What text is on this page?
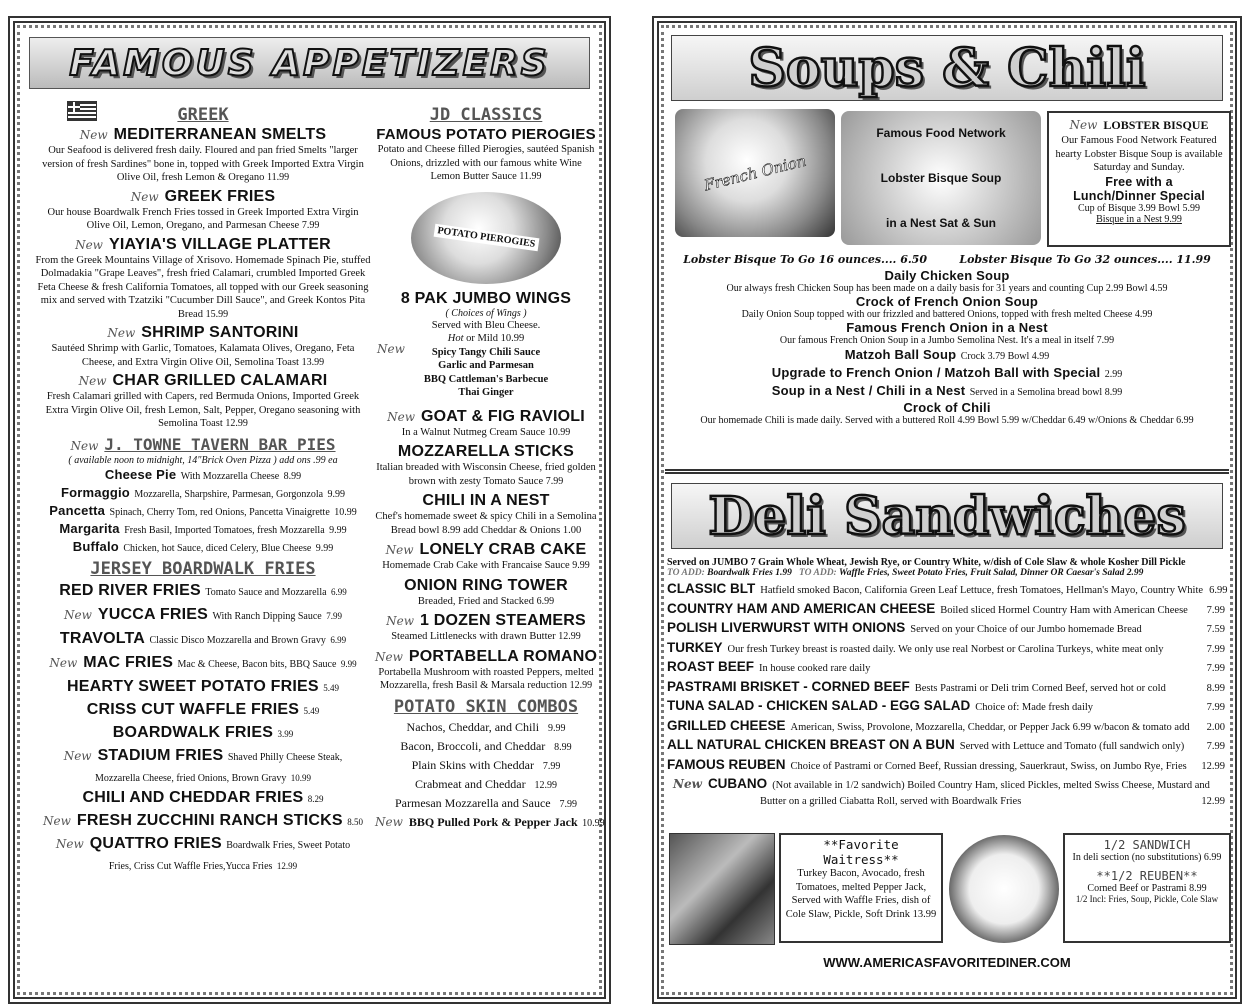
FAMOUS APPETIZERS
GREEK
New MEDITERRANEAN SMELTS
Our Seafood is delivered fresh daily. Floured and pan fried Smelts "larger version of fresh Sardines" bone in, topped with Greek Imported Extra Virgin Olive Oil, fresh Lemon & Oregano 11.99
New GREEK FRIES
Our house Boardwalk French Fries tossed in Greek Imported Extra Virgin Olive Oil, Lemon, Oregano, and Parmesan Cheese 7.99
New YIAYIA'S VILLAGE PLATTER
From the Greek Mountains Village of Xrisovo. Homemade Spinach Pie, stuffed Dolmadakia "Grape Leaves", fresh fried Calamari, crumbled Imported Greek Feta Cheese & fresh California Tomatoes, all topped with our Greek seasoning mix and served with Tzatziki "Cucumber Dill Sauce", and Greek Kontos Pita Bread 15.99
New SHRIMP SANTORINI
Sautéed Shrimp with Garlic, Tomatoes, Kalamata Olives, Oregano, Feta Cheese, and Extra Virgin Olive Oil, Semolina Toast 13.99
New CHAR GRILLED CALAMARI
Fresh Calamari grilled with Capers, red Bermuda Onions, Imported Greek Extra Virgin Olive Oil, fresh Lemon, Salt, Pepper, Oregano seasoning with Semolina Toast 12.99
New J. TOWNE TAVERN BAR PIES
( available noon to midnight, 14"Brick Oven Pizza ) add ons .99 ea
Cheese Pie With Mozzarella Cheese 8.99
Formaggio Mozzarella, Sharpshire, Parmesan, Gorgonzola 9.99
Pancetta Spinach, Cherry Tom, red Onions, Pancetta Vinaigrette 10.99
Margarita Fresh Basil, Imported Tomatoes, fresh Mozzarella 9.99
Buffalo Chicken, hot Sauce, diced Celery, Blue Cheese 9.99
JERSEY BOARDWALK FRIES
RED RIVER FRIES Tomato Sauce and Mozzarella 6.99
New YUCCA FRIES With Ranch Dipping Sauce 7.99
TRAVOLTA Classic Disco Mozzarella and Brown Gravy 6.99
New MAC FRIES Mac & Cheese, Bacon bits, BBQ Sauce 9.99
HEARTY SWEET POTATO FRIES 5.49
CRISS CUT WAFFLE FRIES 5.49
BOARDWALK FRIES 3.99
New STADIUM FRIES Shaved Philly Cheese Steak,
Mozzarella Cheese, fried Onions, Brown Gravy 10.99
CHILI AND CHEDDAR FRIES 8.29
New FRESH ZUCCHINI RANCH STICKS 8.50
New QUATTRO FRIES Boardwalk Fries, Sweet Potato
Fries, Criss Cut Waffle Fries,Yucca Fries 12.99
JD CLASSICS
FAMOUS POTATO PIEROGIES
Potato and Cheese filled Pierogies, sautéed Spanish Onions, drizzled with our famous white Wine Lemon Butter Sauce 11.99
POTATO PIEROGIES
8 PAK JUMBO WINGS
( Choices of Wings )
Served with Bleu Cheese.
Hot or Mild 10.99
New	Spicy Tangy Chili Sauce
Garlic and Parmesan
BBQ Cattleman's Barbecue
Thai Ginger
New GOAT & FIG RAVIOLI
In a Walnut Nutmeg Cream Sauce 10.99
MOZZARELLA STICKS
Italian breaded with Wisconsin Cheese, fried golden brown with zesty Tomato Sauce 7.99
CHILI IN A NEST
Chef's homemade sweet & spicy Chili in a Semolina Bread bowl 8.99 add Cheddar & Onions 1.00
New LONELY CRAB CAKE
Homemade Crab Cake with Francaise Sauce 9.99
ONION RING TOWER
Breaded, Fried and Stacked 6.99
New 1 DOZEN STEAMERS
Steamed Littlenecks with drawn Butter 12.99
New PORTABELLA ROMANO
Portabella Mushroom with roasted Peppers, melted Mozzarella, fresh Basil & Marsala reduction 12.99
POTATO SKIN COMBOS
Nachos, Cheddar, and Chili 9.99
Bacon, Broccoli, and Cheddar 8.99
Plain Skins with Cheddar 7.99
Crabmeat and Cheddar 12.99
Parmesan Mozzarella and Sauce 7.99
New BBQ Pulled Pork & Pepper Jack 10.99
Soups & Chili
French Onion
Famous Food Network
Lobster Bisque Soup
in a Nest Sat & Sun
New LOBSTER BISQUE
Our Famous Food Network Featured hearty Lobster Bisque Soup is available Saturday and Sunday.
Free with a
Lunch/Dinner Special
Cup of Bisque 3.99 Bowl 5.99
Bisque in a Nest 9.99
Lobster Bisque To Go 16 ounces.... 6.50	Lobster Bisque To Go 32 ounces.... 11.99
Daily Chicken Soup
Our always fresh Chicken Soup has been made on a daily basis for 31 years and counting Cup 2.99 Bowl 4.59
Crock of French Onion Soup
Daily Onion Soup topped with our frizzled and battered Onions, topped with fresh melted Cheese 4.99
Famous French Onion in a Nest
Our famous French Onion Soup in a Jumbo Semolina Nest. It's a meal in itself 7.99
Matzoh Ball Soup Crock 3.79 Bowl 4.99
Upgrade to French Onion / Matzoh Ball with Special 2.99
Soup in a Nest / Chili in a Nest Served in a Semolina bread bowl 8.99
Crock of Chili
Our homemade Chili is made daily. Served with a buttered Roll 4.99 Bowl 5.99 w/Cheddar 6.49 w/Onions & Cheddar 6.99
Deli Sandwiches
Served on JUMBO 7 Grain Whole Wheat, Jewish Rye, or Country White, w/dish of Cole Slaw & whole Kosher Dill Pickle
TO ADD: Boardwalk Fries 1.99 TO ADD: Waffle Fries, Sweet Potato Fries, Fruit Salad, Dinner OR Caesar's Salad 2.99
CLASSIC BLT Hatfield smoked Bacon, California Green Leaf Lettuce, fresh Tomatoes, Hellman's Mayo, Country White 6.99
COUNTRY HAM AND AMERICAN CHEESE Boiled sliced Hormel Country Ham with American Cheese	7.99
POLISH LIVERWURST WITH ONIONS Served on your Choice of our Jumbo homemade Bread	7.59
TURKEY Our fresh Turkey breast is roasted daily. We only use real Norbest or Carolina Turkeys, white meat only	7.99
ROAST BEEF In house cooked rare daily	7.99
PASTRAMI BRISKET - CORNED BEEF Bests Pastrami or Deli trim Corned Beef, served hot or cold	8.99
TUNA SALAD - CHICKEN SALAD - EGG SALAD Choice of: Made fresh daily	7.99
GRILLED CHEESE American, Swiss, Provolone, Mozzarella, Cheddar, or Pepper Jack 6.99 w/bacon & tomato add	2.00
ALL NATURAL CHICKEN BREAST ON A BUN Served with Lettuce and Tomato (full sandwich only)	7.99
FAMOUS REUBEN Choice of Pastrami or Corned Beef, Russian dressing, Sauerkraut, Swiss, on Jumbo Rye, Fries	12.99
New CUBANO (Not available in 1/2 sandwich) Boiled Country Ham, sliced Pickles, melted Swiss Cheese, Mustard and
Butter on a grilled Ciabatta Roll, served with Boardwalk Fries	12.99
**Favorite Waitress**
Turkey Bacon, Avocado, fresh Tomatoes, melted Pepper Jack, Served with Waffle Fries, dish of Cole Slaw, Pickle, Soft Drink 13.99
1/2 SANDWICH
In deli section (no substitutions) 6.99
**1/2 REUBEN**
Corned Beef or Pastrami 8.99
1/2 Incl: Fries, Soup, Pickle, Cole Slaw
WWW.AMERICASFAVORITEDINER.COM
